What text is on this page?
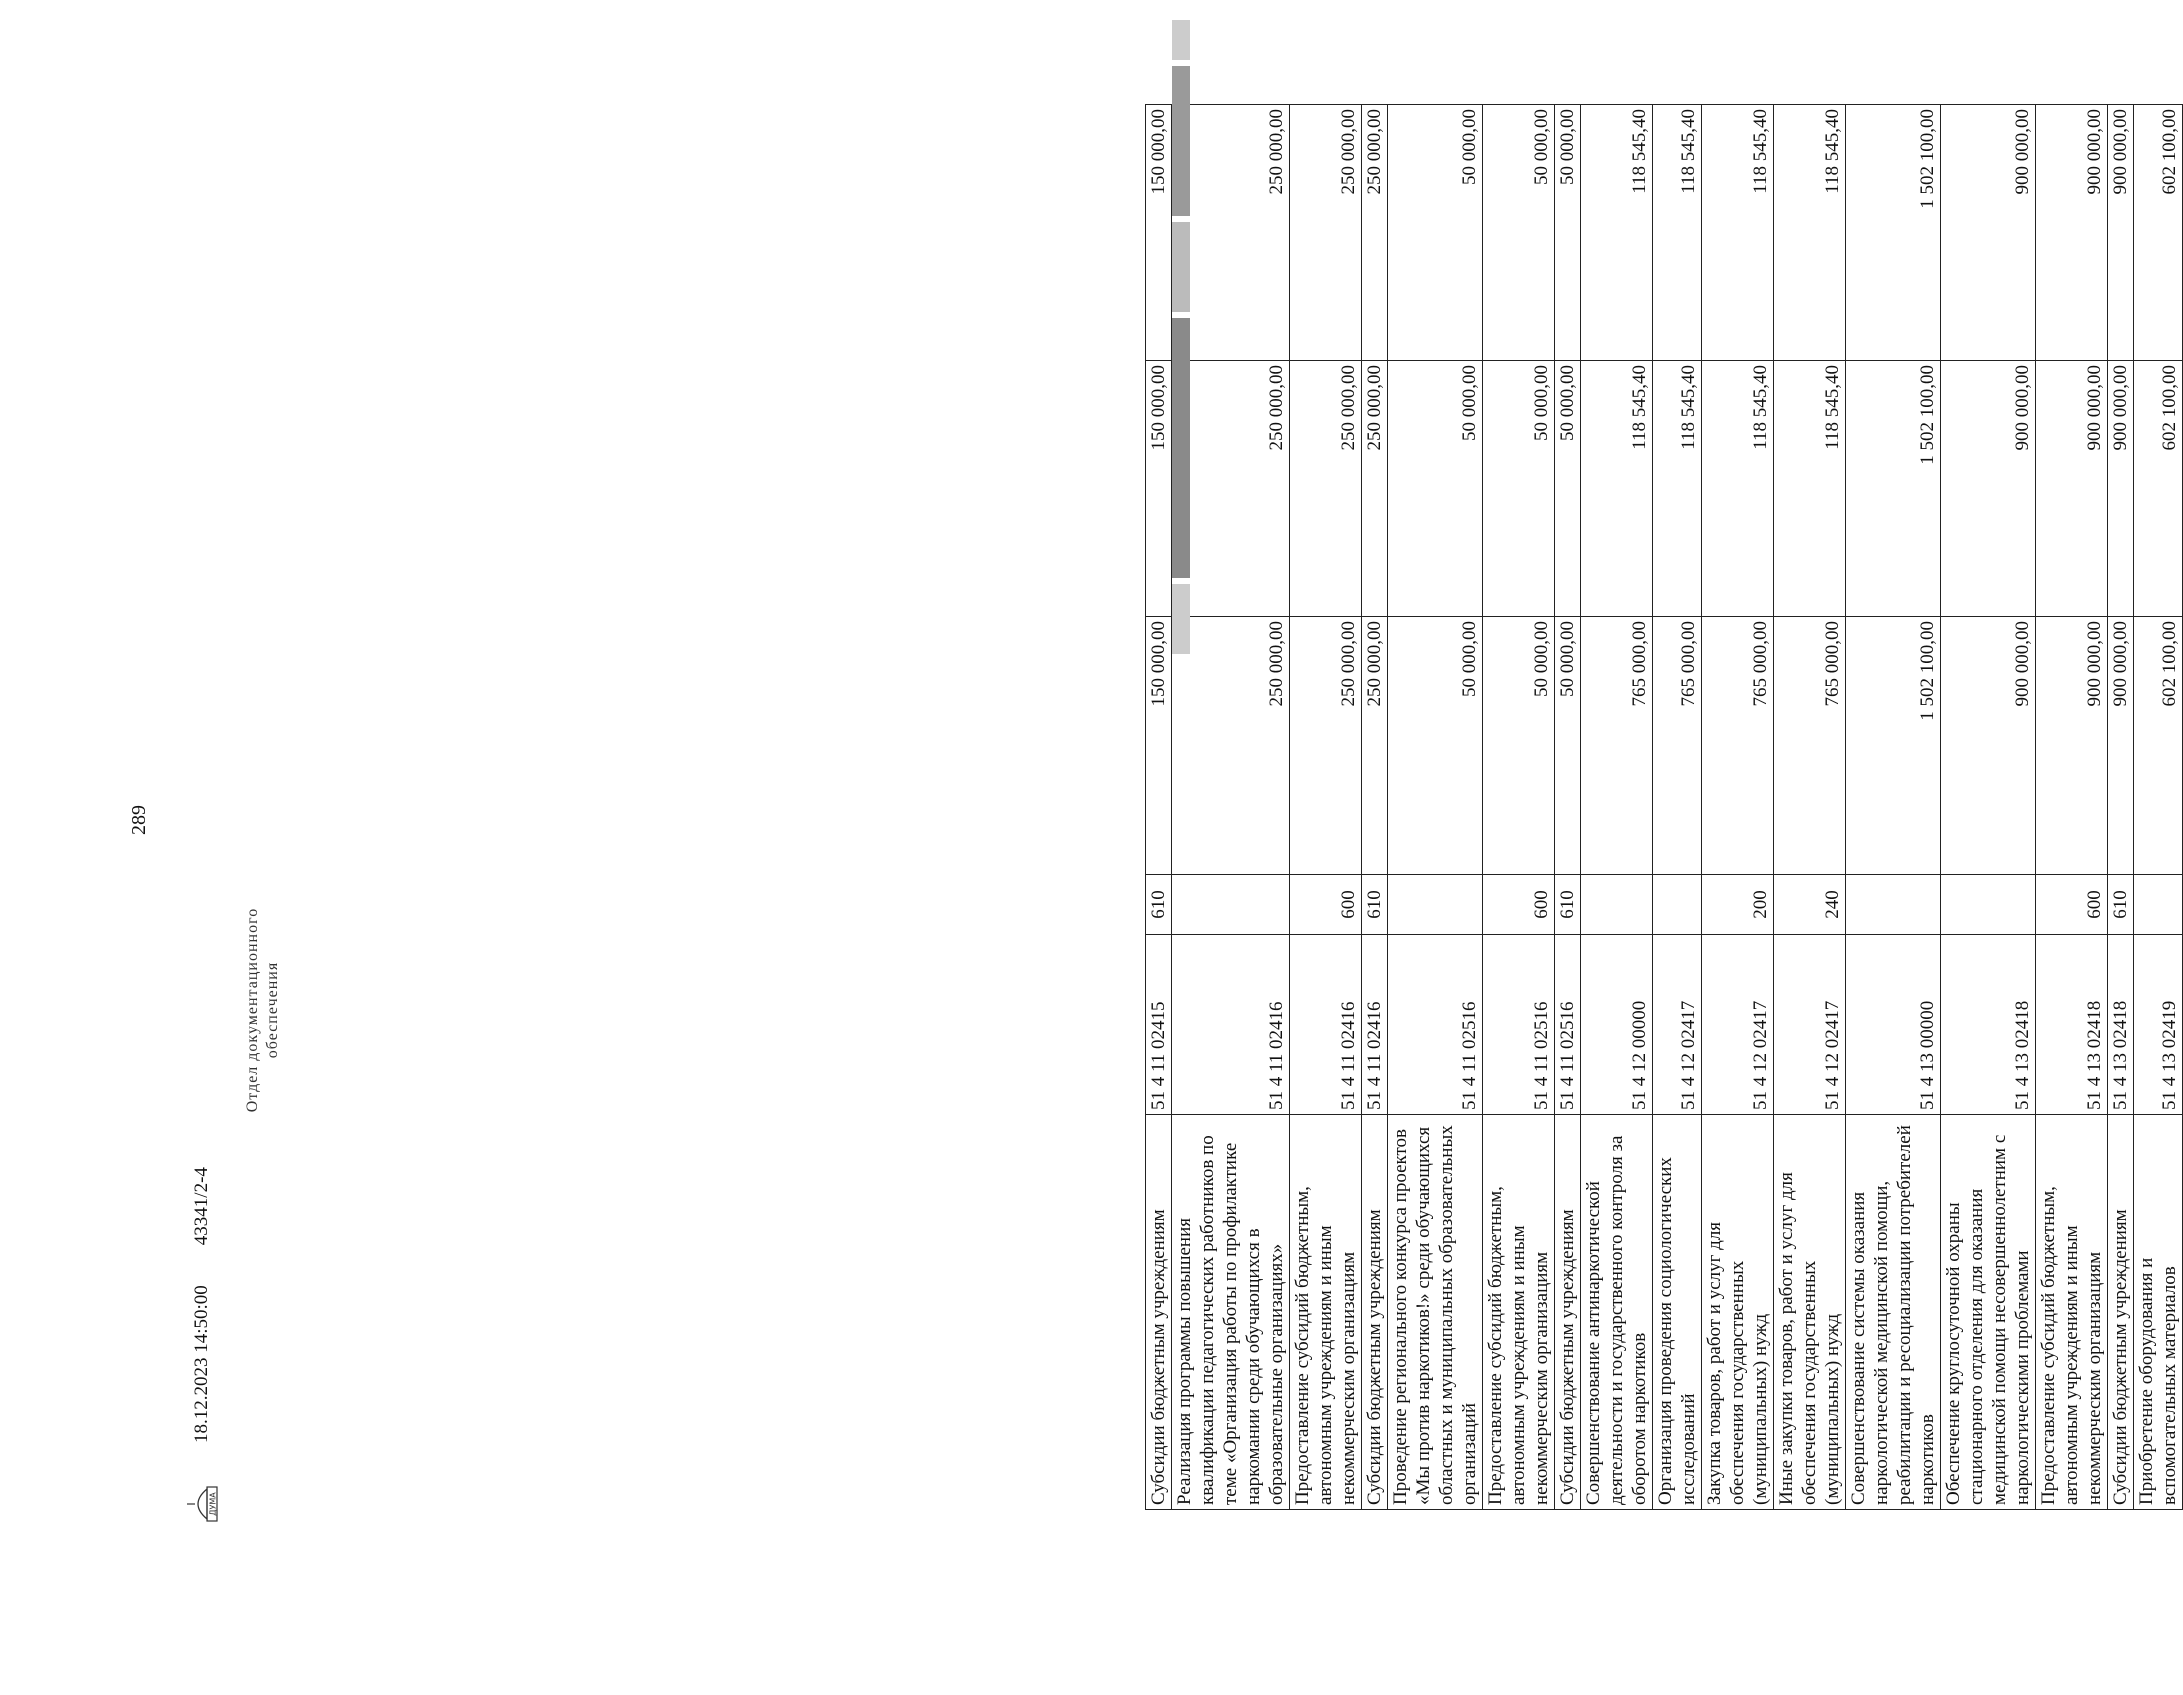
289
Субсидии бюджетным учреждениям	51 4 11 02415	610	150 000,00	150 000,00	150 000,00
Реализация программы повышения квалификации педагогических работников по теме «Организация работы по профилактике наркомании среди обучающихся в образовательные организациях»	51 4 11 02416		250 000,00	250 000,00	250 000,00
Предоставление субсидий бюджетным, автономным учреждениям и иным некоммерческим организациям	51 4 11 02416	600	250 000,00	250 000,00	250 000,00
Субсидии бюджетным учреждениям	51 4 11 02416	610	250 000,00	250 000,00	250 000,00
Проведение регионального конкурса проектов «Мы против наркотиков!» среди обучающихся областных и муниципальных образовательных организаций	51 4 11 02516		50 000,00	50 000,00	50 000,00
Предоставление субсидий бюджетным, автономным учреждениям и иным некоммерческим организациям	51 4 11 02516	600	50 000,00	50 000,00	50 000,00
Субсидии бюджетным учреждениям	51 4 11 02516	610	50 000,00	50 000,00	50 000,00
Совершенствование антинаркотической деятельности и государственного контроля за оборотом наркотиков	51 4 12 00000		765 000,00	118 545,40	118 545,40
Организация проведения социологических исследований	51 4 12 02417		765 000,00	118 545,40	118 545,40
Закупка товаров, работ и услуг для обеспечения государственных (муниципальных) нужд	51 4 12 02417	200	765 000,00	118 545,40	118 545,40
Иные закупки товаров, работ и услуг для обеспечения государственных (муниципальных) нужд	51 4 12 02417	240	765 000,00	118 545,40	118 545,40
Совершенствование системы оказания наркологической медицинской помощи, реабилитации и ресоциализации потребителей наркотиков	51 4 13 00000		1 502 100,00	1 502 100,00	1 502 100,00
Обеспечение круглосуточной охраны стационарного отделения для оказания медицинской помощи несовершеннолетним с наркологическими проблемами	51 4 13 02418		900 000,00	900 000,00	900 000,00
Предоставление субсидий бюджетным, автономным учреждениям и иным некоммерческим организациям	51 4 13 02418	600	900 000,00	900 000,00	900 000,00
Субсидии бюджетным учреждениям	51 4 13 02418	610	900 000,00	900 000,00	900 000,00
Приобретение оборудования и вспомогательных материалов	51 4 13 02419		602 100,00	602 100,00	602 100,00
Отдел документационного обеспечения
ДУМА
18.12.2023 14:50:00
43341/2-4
